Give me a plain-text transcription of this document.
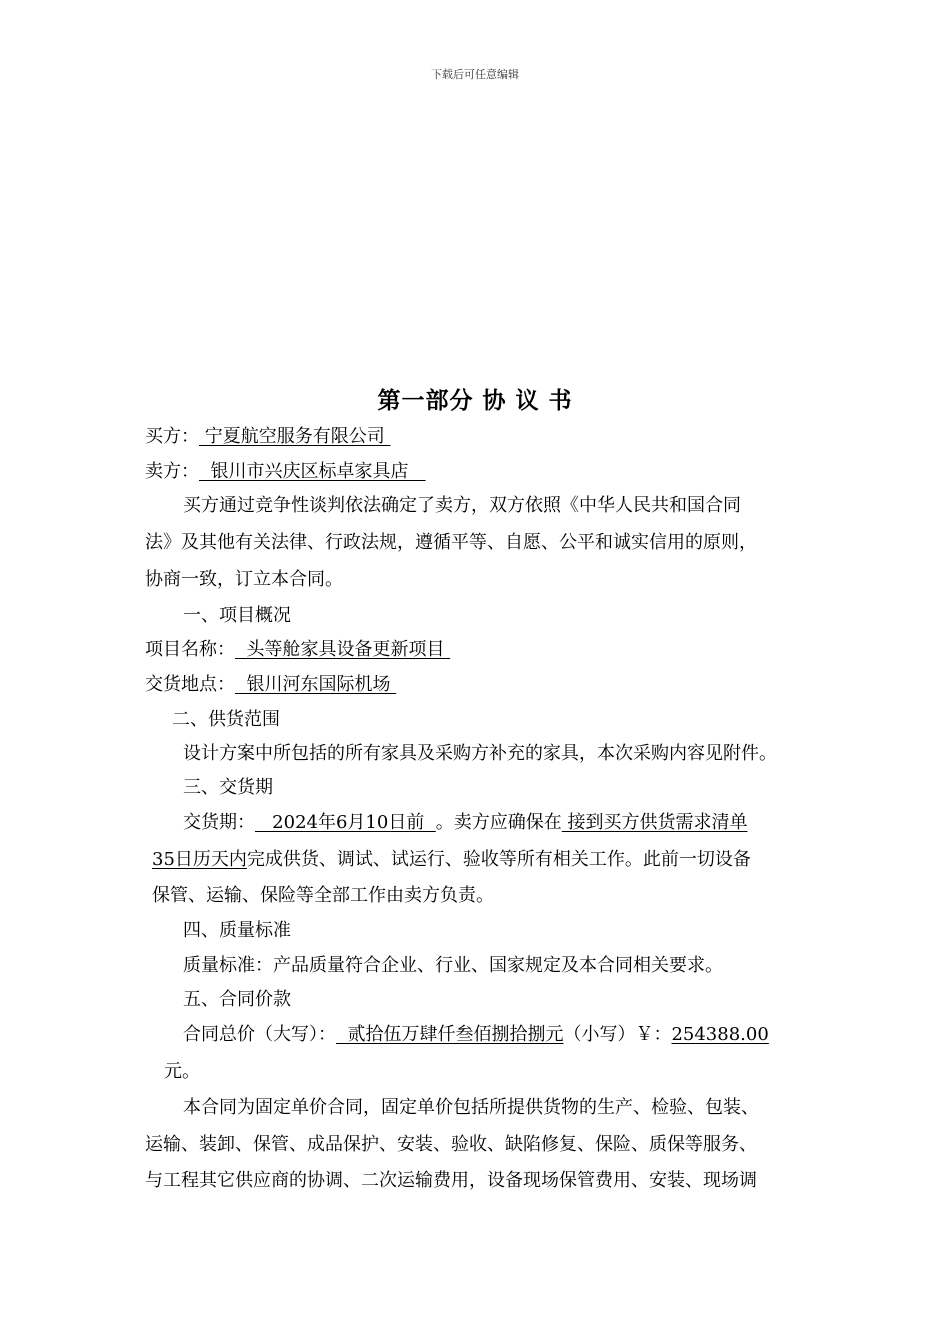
下载后可任意编辑
第一部分 协 议 书
买方： 宁夏航空服务有限公司
卖方：  银川市兴庆区标卓家具店
买方通过竞争性谈判依法确定了卖方，双方依照《中华人民共和国合同
法》及其他有关法律、行政法规，遵循平等、自愿、公平和诚实信用的原则，
协商一致，订立本合同。
一、项目概况
项目名称：  头等舱家具设备更新项目
交货地点：  银川河东国际机场
二、供货范围
设计方案中所包括的所有家具及采购方补充的家具，本次采购内容见附件。
三、交货期
交货期：   2024年6月10日前  。卖方应确保在 接到买方供货需求清单
35日历天内完成供货、调试、试运行、验收等所有相关工作。此前一切设备
保管、运输、保险等全部工作由卖方负责。
四、质量标准
质量标准：产品质量符合企业、行业、国家规定及本合同相关要求。
五、合同价款
合同总价（大写）：  贰拾伍万肆仟叁佰捌拾捌元（小写）￥：254388.00
元。
本合同为固定单价合同，固定单价包括所提供货物的生产、检验、包装、
运输、装卸、保管、成品保护、安装、验收、缺陷修复、保险、质保等服务、
与工程其它供应商的协调、二次运输费用，设备现场保管费用、安装、现场调
